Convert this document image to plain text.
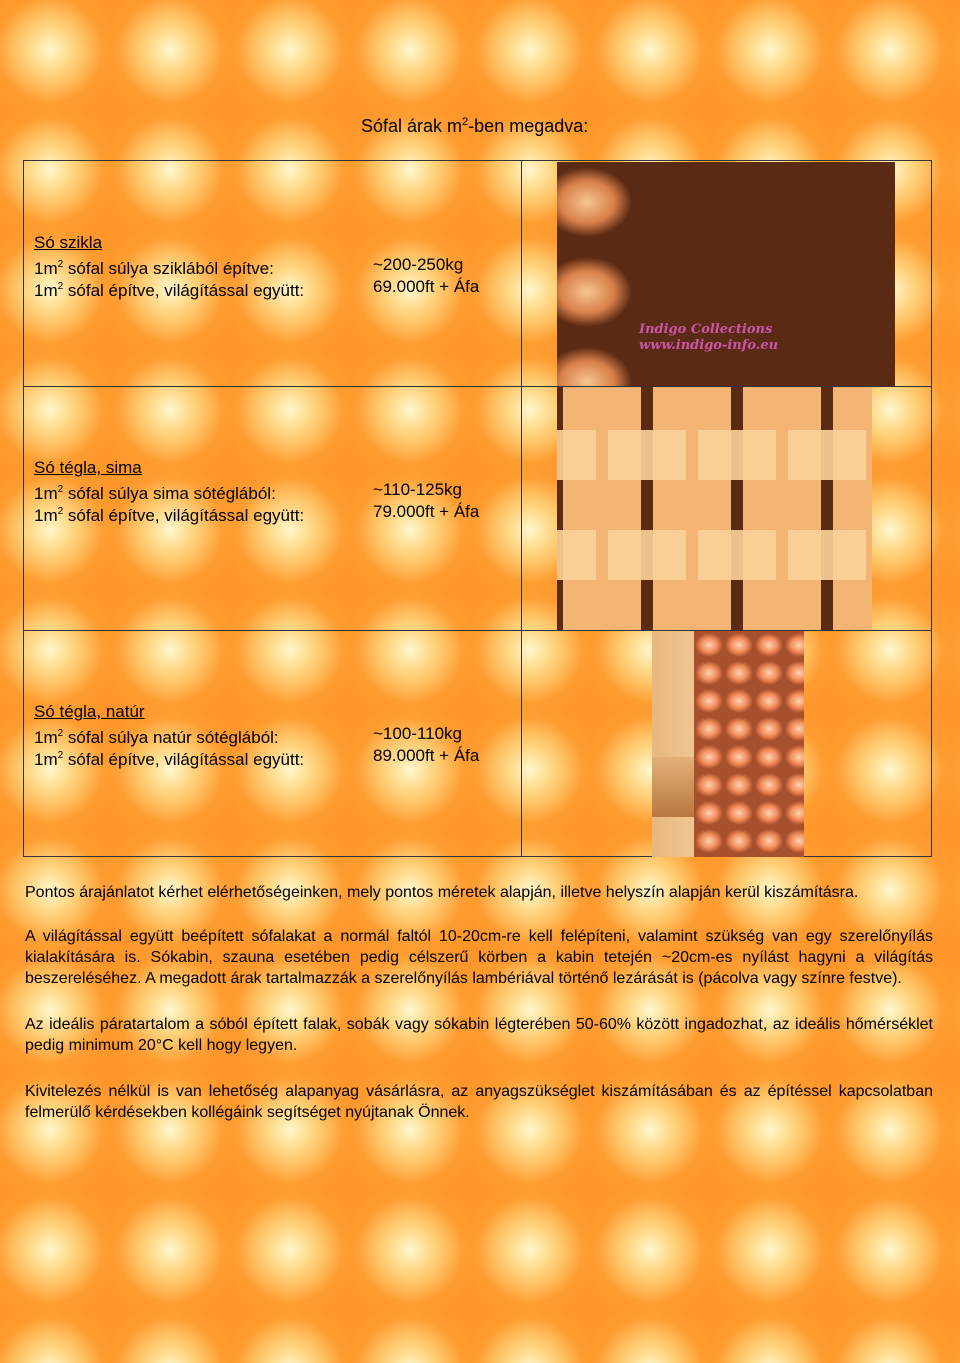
Sófal árak $m^2$-ben megadva:
Indigo Collections
www.indigo-info.eu
Só szikla
$1m^2$ sófal súlya sziklából építve:	~200-250kg
$1m^2$ sófal építve, világítással együtt:	69.000ft + Áfa
Só tégla, sima
$1m^2$ sófal súlya sima sótéglából:	~110-125kg
$1m^2$ sófal építve, világítással együtt:	79.000ft + Áfa
Só tégla, natúr
$1m^2$ sófal súlya natúr sótéglából:	~100-110kg
$1m^2$ sófal építve, világítással együtt:	89.000ft + Áfa
Pontos árajánlatot kérhet elérhetőségeinken, mely pontos méretek alapján, illetve helyszín alapján kerül kiszámításra.
A világítással együtt beépített sófalakat a normál faltól 10-20cm-re kell felépíteni, valamint szükség van egy szerelőnyílás kialakítására is. Sókabin, szauna esetében pedig célszerű körben a kabin tetején ~20cm-es nyílást hagyni a világítás beszereléséhez. A megadott árak tartalmazzák a szerelőnyílás lambériával történő lezárását is (pácolva vagy színre festve).
Az ideális páratartalom a sóból épített falak, sobák vagy sókabin légterében 50-60% között ingadozhat, az ideális hőmérséklet pedig minimum 20°C kell hogy legyen.
Kivitelezés nélkül is van lehetőség alapanyag vásárlásra, az anyagszükséglet kiszámításában és az építéssel kapcsolatban felmerülő kérdésekben kollégáink segítséget nyújtanak Önnek.
